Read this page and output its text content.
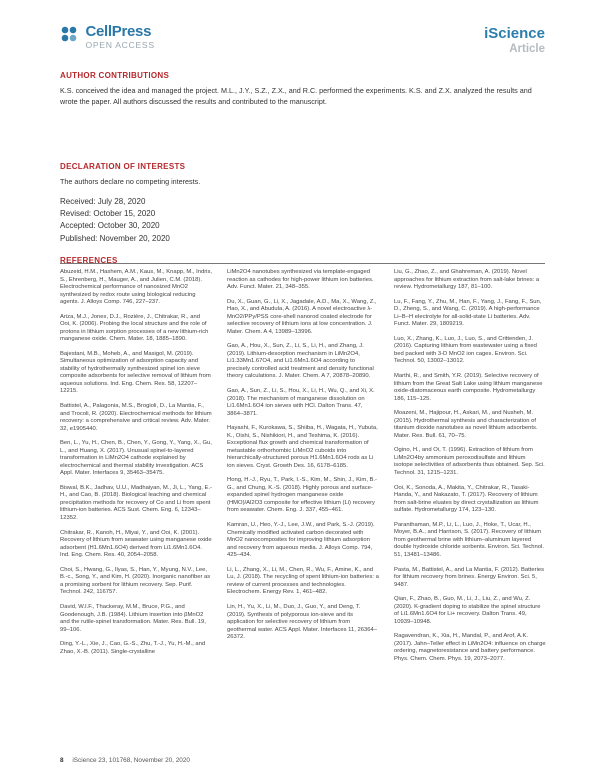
CellPress
OPEN ACCESS
iScience
Article
AUTHOR CONTRIBUTIONS

K.S. conceived the idea and managed the project. M.L., J.Y., S.Z., Z.X., and R.C. performed the experiments. K.S. and Z.X. analyzed the results and wrote the paper. All authors discussed the results and contributed to the manuscript.

DECLARATION OF INTERESTS

The authors declare no competing interests.

Received: July 28, 2020
Revised: October 15, 2020
Accepted: October 30, 2020
Published: November 20, 2020
REFERENCES

Abuzeid, H.M., Hashem, A.M., Kaus, M., Knapp, M., Indris, S., Ehrenberg, H., Mauger, A., and Julien, C.M. (2018). Electrochemical performance of nanosized MnO2 synthesized by redox route using biological reducing agents. J. Alloys Comp. 746, 227–237.

Ariza, M.J., Jones, D.J., Rozière, J., Chitrakar, R., and Ooi, K. (2006). Probing the local structure and the role of protons in lithium sorption processes of a new lithium-rich manganese oxide. Chem. Mater. 18, 1885–1890.

Bajestani, M.B., Moheb, A., and Masigol, M. (2019). Simultaneous optimization of adsorption capacity and stability of hydrothermally synthesized spinel ion sieve composite adsorbents for selective removal of lithium from aqueous solutions. Ind. Eng. Chem. Res. 58, 12207–12215.

Battistel, A., Palagonia, M.S., Brogioli, D., La Mantia, F., and Trocoli, R. (2020). Electrochemical methods for lithium recovery: a comprehensive and critical review. Adv. Mater. 32, e1905440.

Ben, L., Yu, H., Chen, B., Chen, Y., Gong, Y., Yang, X., Gu, L., and Huang, X. (2017). Unusual spinel-to-layered transformation in LiMn2O4 cathode explained by electrochemical and thermal stability investigation. ACS Appl. Mater. Interfaces 9, 35463–35475.

Biswal, B.K., Jadhav, U.U., Madhaiyan, M., Ji, L., Yang, E.-H., and Cao, B. (2018). Biological leaching and chemical precipitation methods for recovery of Co and Li from spent lithium-ion batteries. ACS Sust. Chem. Eng. 6, 12343–12352.

Chitrakar, R., Kanoh, H., Miyai, Y., and Ooi, K. (2001). Recovery of lithium from seawater using manganese oxide adsorbent (H1.6Mn1.6O4) derived from Li1.6Mn1.6O4. Ind. Eng. Chem. Res. 40, 2054–2058.

Choi, S., Hwang, G., Ilyas, S., Han, Y., Myung, N.V., Lee, B.-c., Song, Y., and Kim, H. (2020). Inorganic nanofiber as a promising sorbent for lithium recovery. Sep. Purif. Technol. 242, 116757.

David, W.I.F., Thackeray, M.M., Bruce, P.G., and Goodenough, J.B. (1984). Lithium insertion into βMnO2 and the rutile-spinel transformation. Mater. Res. Bull. 19, 99–106.

Ding, Y.-L., Xie, J., Cao, G.-S., Zhu, T.-J., Yu, H.-M., and Zhao, X.-B. (2011). Single-crystalline

LiMn2O4 nanotubes synthesized via template-engaged reaction as cathodes for high-power lithium ion batteries. Adv. Funct. Mater. 21, 348–355.

Du, X., Guan, G., Li, X., Jagadale, A.D., Ma, X., Wang, Z., Hao, X., and Abudula, A. (2016). A novel electroactive λ-MnO2/PPy/PSS core-shell nanorod coated electrode for selective recovery of lithium ions at low concentration. J. Mater. Chem. A 4, 13989–13996.

Gao, A., Hou, X., Sun, Z., Li, S., Li, H., and Zhang, J. (2019). Lithium-desorption mechanism in LiMn2O4, Li1.33Mn1.67O4, and Li1.6Mn1.6O4 according to precisely controlled acid treatment and density functional theory calculations. J. Mater. Chem. A 7, 20878–20890.

Gao, A., Sun, Z., Li, S., Hou, X., Li, H., Wu, Q., and Xi, X. (2018). The mechanism of manganese dissolution on Li1.6Mn1.6O4 ion sieves with HCl. Dalton Trans. 47, 3864–3871.

Hayashi, F., Kurokawa, S., Shiiba, H., Wagata, H., Yubuta, K., Oishi, S., Nishikiori, H., and Teshima, K. (2016). Exceptional flux growth and chemical transformation of metastable orthorhombic LiMnO2 cuboids into hierarchically-structured porous H1.6Mn1.6O4 rods as Li ion sieves. Cryst. Growth Des. 16, 6178–6185.

Hong, H.-J., Ryu, T., Park, I.-S., Kim, M., Shin, J., Kim, B.-G., and Chung, K.-S. (2018). Highly porous and surface-expanded spinel hydrogen manganese oxide (HMO)/Al2O3 composite for effective lithium (Li) recovery from seawater. Chem. Eng. J. 337, 455–461.

Kamran, U., Heo, Y.-J., Lee, J.W., and Park, S.-J. (2019). Chemically modified activated carbon decorated with MnO2 nanocomposites for improving lithium adsorption and recovery from aqueous media. J. Alloys Comp. 794, 425–434.

Li, L., Zhang, X., Li, M., Chen, R., Wu, F., Amine, K., and Lu, J. (2018). The recycling of spent lithium-ion batteries: a review of current processes and technologies. Electrochem. Energy Rev. 1, 461–482.

Lin, H., Yu, X., Li, M., Duo, J., Guo, Y., and Deng, T. (2019). Synthesis of polyporous ion-sieve and its application for selective recovery of lithium from geothermal water. ACS Appl. Mater. Interfaces 11, 26364–26372.

Liu, G., Zhao, Z., and Ghahreman, A. (2019). Novel approaches for lithium extraction from salt-lake brines: a review. Hydrometallurgy 187, 81–100.

Lu, F., Fang, Y., Zhu, M., Han, F., Yang, J., Fang, F., Sun, D., Zheng, S., and Wang, C. (2019). A high-performance Li–B–H electrolyte for all-solid-state Li batteries. Adv. Funct. Mater. 29, 1809219.

Luo, X., Zhang, K., Luo, J., Luo, S., and Crittenden, J. (2016). Capturing lithium from wastewater using a fixed bed packed with 3-D MnO2 ion cages. Environ. Sci. Technol. 50, 13002–13012.

Marthi, R., and Smith, Y.R. (2019). Selective recovery of lithium from the Great Salt Lake using lithium manganese oxide-diatomaceous earth composite. Hydrometallurgy 186, 115–125.

Moazeni, M., Hajipour, H., Askari, M., and Nusheh, M. (2015). Hydrothermal synthesis and characterization of titanium dioxide nanotubes as novel lithium adsorbents. Mater. Res. Bull. 61, 70–75.

Ogino, H., and Oi, T. (1996). Extraction of lithium from LiMn2O4by ammonium peroxodisulfate and lithium isotope selectivities of adsorbents thus obtained. Sep. Sci. Technol. 31, 1215–1231.

Ooi, K., Sonoda, A., Makita, Y., Chitrakar, R., Tasaki-Handa, Y., and Nakazato, T. (2017). Recovery of lithium from salt-brine eluates by direct crystallization as lithium sulfate. Hydrometallurgy 174, 123–130.

Paranthaman, M.P., Li, L., Luo, J., Hoke, T., Ucar, H., Moyer, B.A., and Harrison, S. (2017). Recovery of lithium from geothermal brine with lithium–aluminum layered double hydroxide chloride sorbents. Environ. Sci. Technol. 51, 13481–13486.

Pasta, M., Battistel, A., and La Mantia, F. (2012). Batteries for lithium recovery from brines. Energy Environ. Sci. 5, 9487.

Qian, F., Zhao, B., Guo, M., Li, J., Liu, Z., and Wu, Z. (2020). K-gradient doping to stabilize the spinel structure of Li1.6Mn1.6O4 for Li+ recovery. Dalton Trans. 49, 10939–10948.

Ragavendran, K., Xia, H., Mandal, P., and Arof, A.K. (2017). Jahn–Teller effect in LiMn2O4: influence on charge ordering, magnetoresistance and battery performance. Phys. Chem. Chem. Phys. 19, 2073–2077.

8 iScience 23, 101768, November 20, 2020
